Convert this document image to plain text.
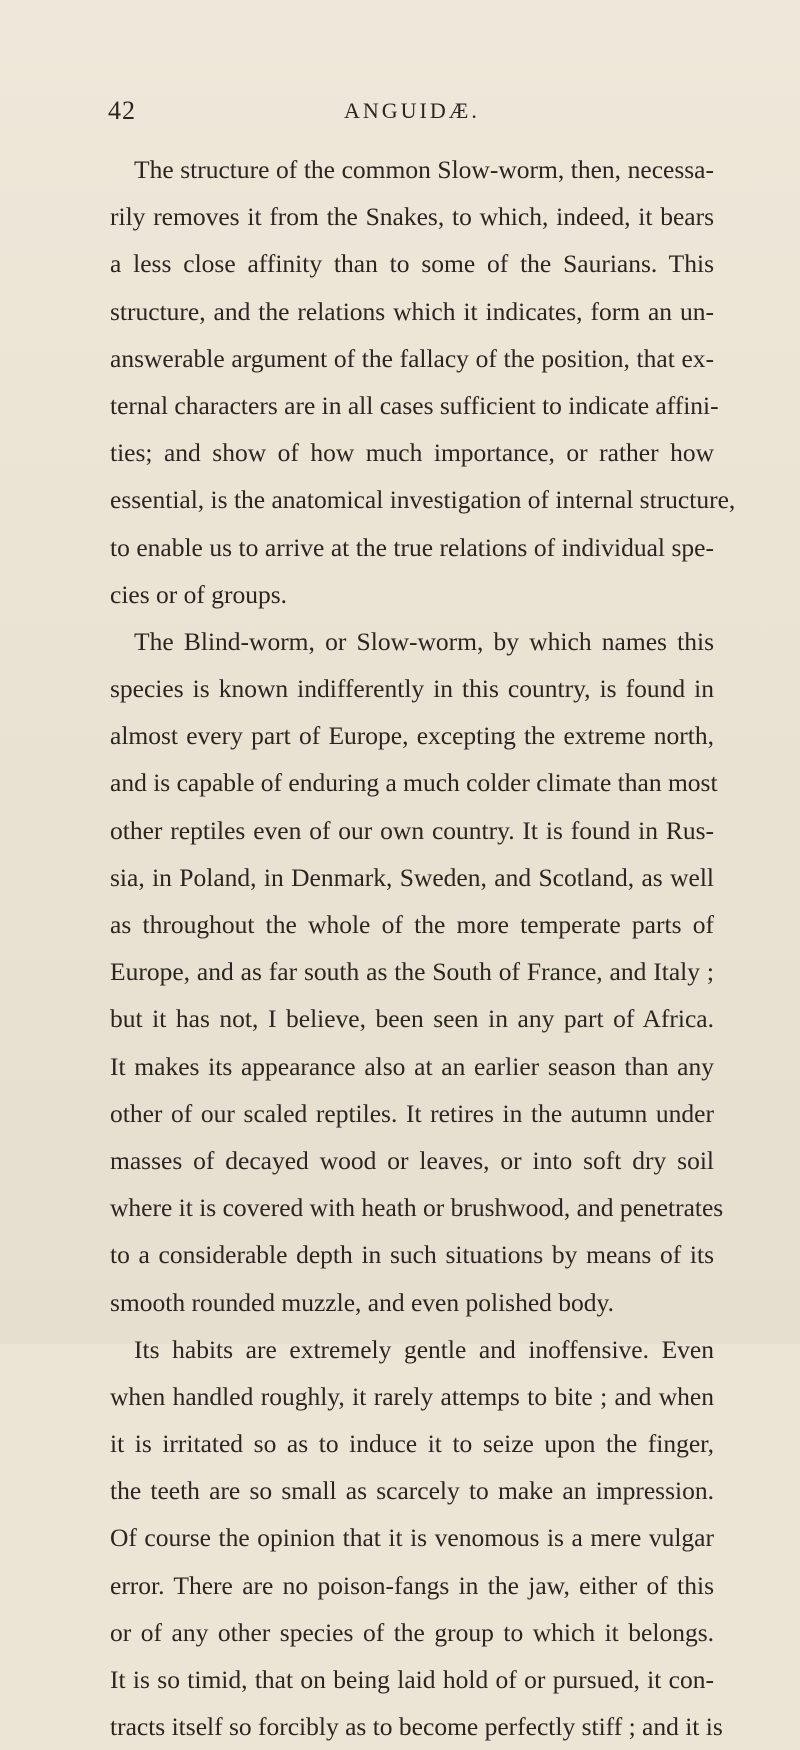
42	ANGUIDÆ.
The structure of the common Slow-worm, then, necessa-
rily removes it from the Snakes, to which, indeed, it bears
a less close affinity than to some of the Saurians. This
structure, and the relations which it indicates, form an un-
answerable argument of the fallacy of the position, that ex-
ternal characters are in all cases sufficient to indicate affini-
ties; and show of how much importance, or rather how
essential, is the anatomical investigation of internal structure,
to enable us to arrive at the true relations of individual spe-
cies or of groups.
The Blind-worm, or Slow-worm, by which names this
species is known indifferently in this country, is found in
almost every part of Europe, excepting the extreme north,
and is capable of enduring a much colder climate than most
other reptiles even of our own country. It is found in Rus-
sia, in Poland, in Denmark, Sweden, and Scotland, as well
as throughout the whole of the more temperate parts of
Europe, and as far south as the South of France, and Italy ;
but it has not, I believe, been seen in any part of Africa.
It makes its appearance also at an earlier season than any
other of our scaled reptiles. It retires in the autumn under
masses of decayed wood or leaves, or into soft dry soil
where it is covered with heath or brushwood, and penetrates
to a considerable depth in such situations by means of its
smooth rounded muzzle, and even polished body.
Its habits are extremely gentle and inoffensive. Even
when handled roughly, it rarely attemps to bite ; and when
it is irritated so as to induce it to seize upon the finger,
the teeth are so small as scarcely to make an impression.
Of course the opinion that it is venomous is a mere vulgar
error. There are no poison-fangs in the jaw, either of this
or of any other species of the group to which it belongs.
It is so timid, that on being laid hold of or pursued, it con-
tracts itself so forcibly as to become perfectly stiff ; and it is
